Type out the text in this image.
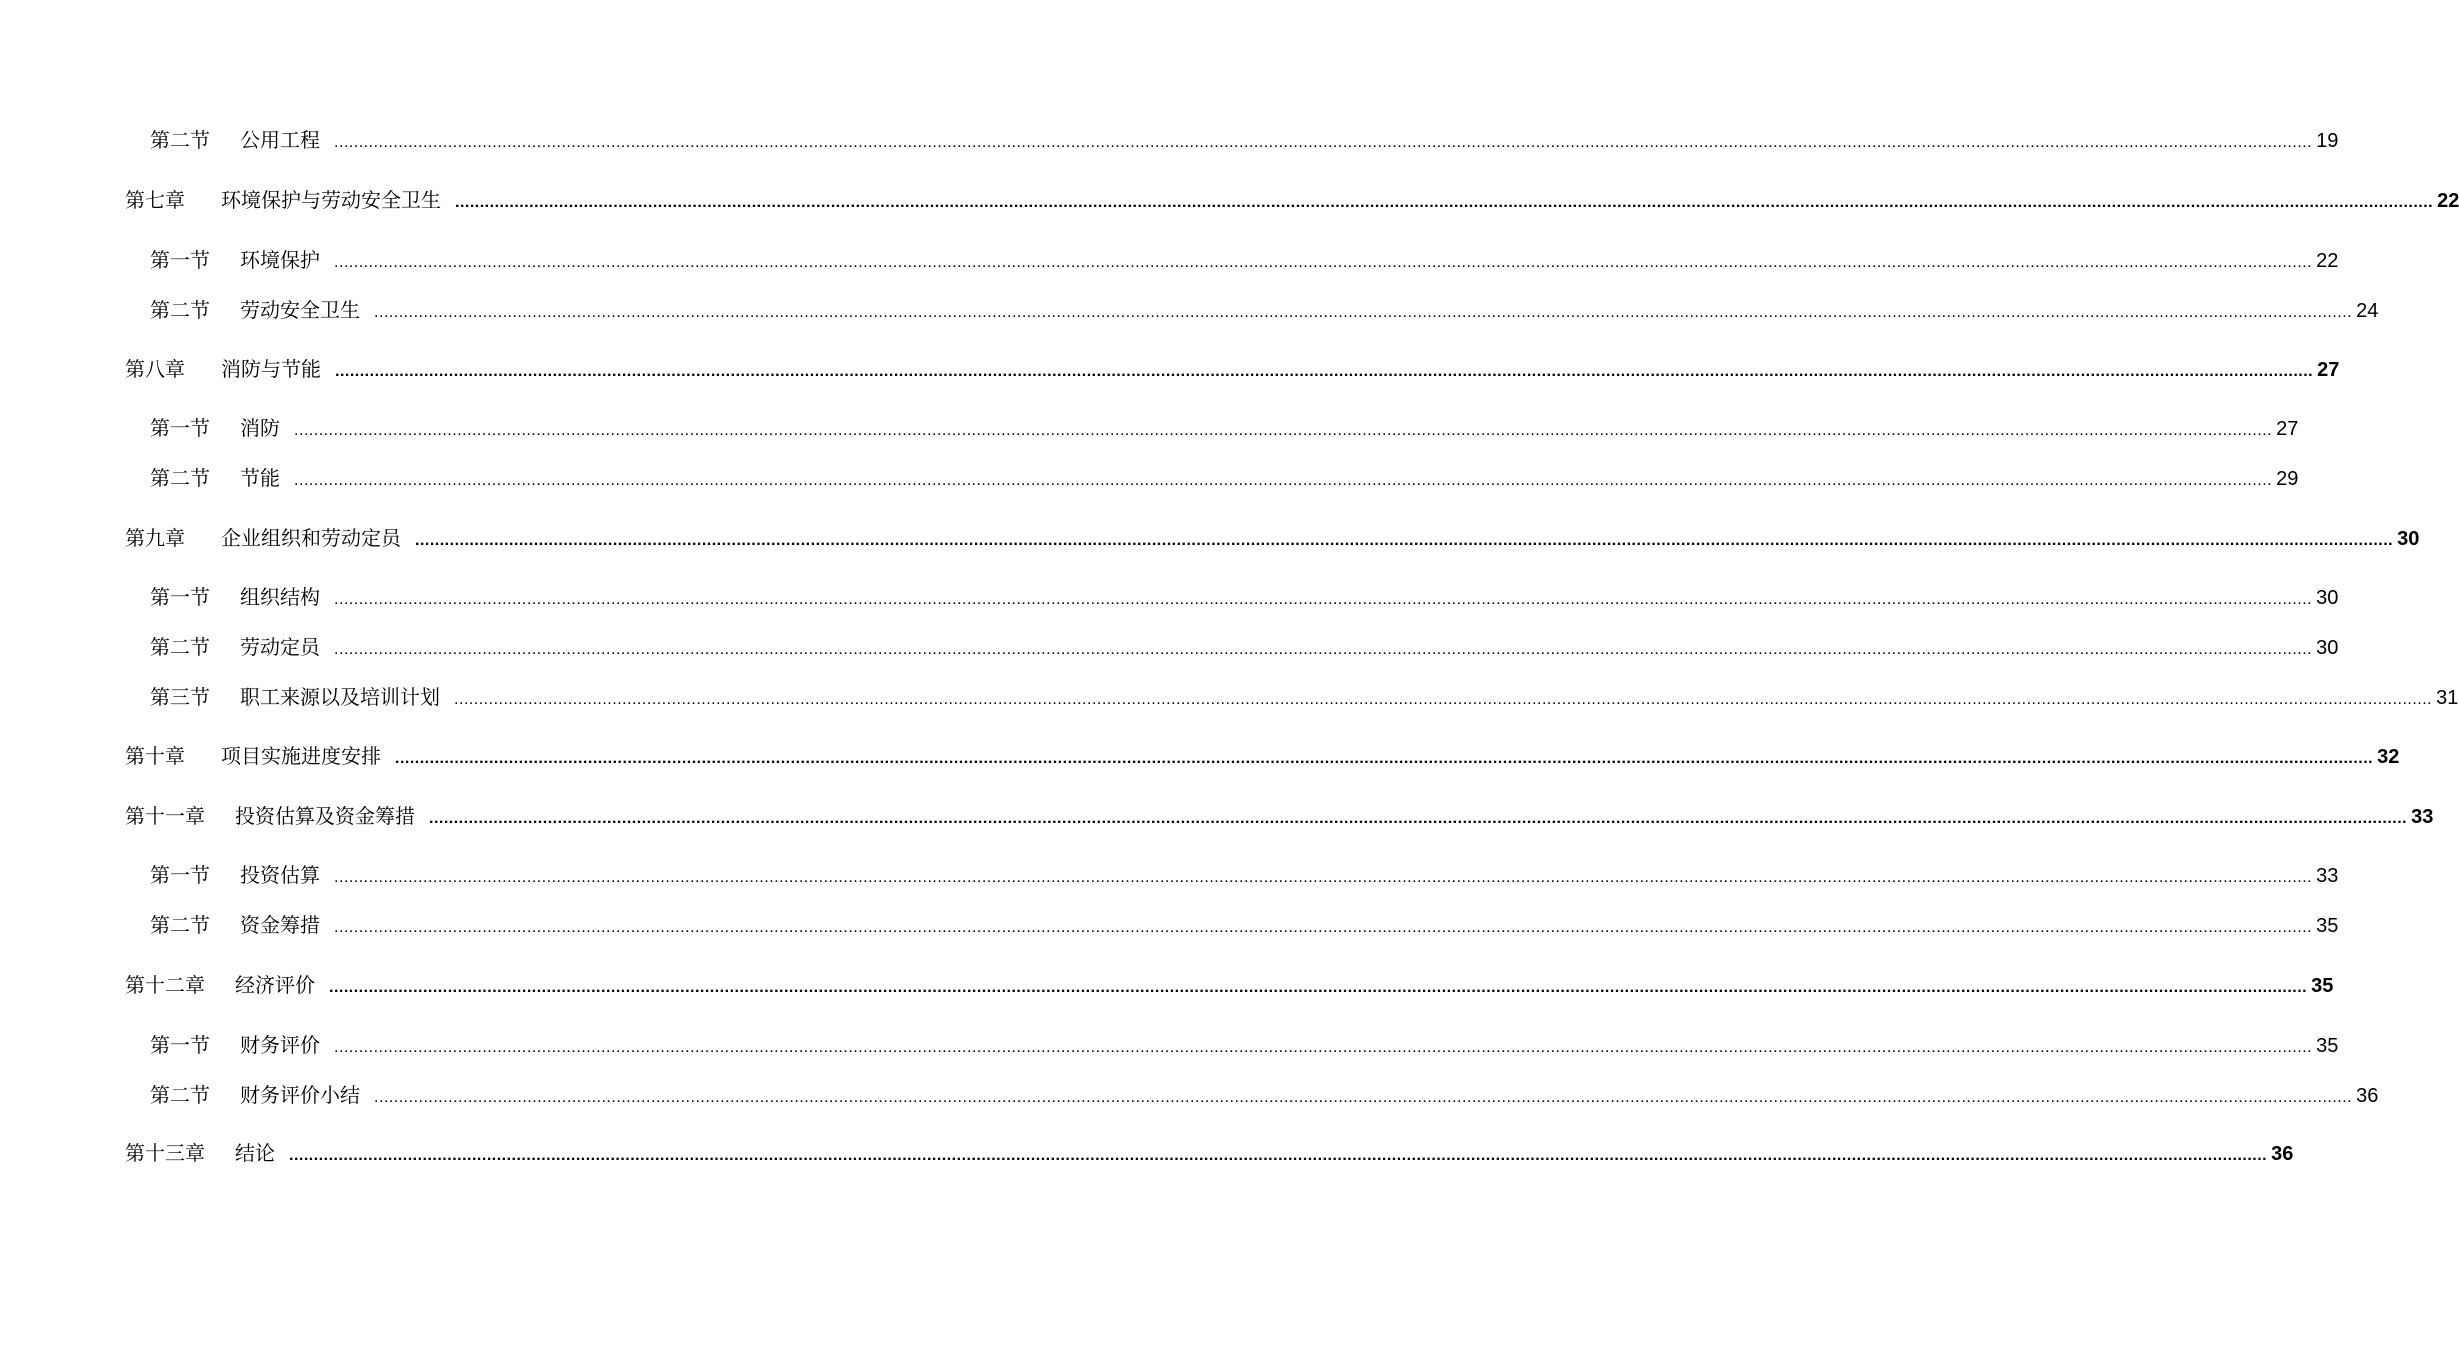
第二节 公用工程 ................................................................................................................................................................................................................................................................................................................................................................................................................ 19
第七章	环境保护与劳动安全卫生 ................................................................................................................................................................................................................................................................................................................................................................................................................ 22
第一节 环境保护 ................................................................................................................................................................................................................................................................................................................................................................................................................ 22
第二节 劳动安全卫生 ................................................................................................................................................................................................................................................................................................................................................................................................................ 24
第八章	消防与节能 ................................................................................................................................................................................................................................................................................................................................................................................................................ 27
第一节 消防 ................................................................................................................................................................................................................................................................................................................................................................................................................ 27
第二节 节能 ................................................................................................................................................................................................................................................................................................................................................................................................................ 29
第九章	企业组织和劳动定员 ................................................................................................................................................................................................................................................................................................................................................................................................................ 30
第一节 组织结构 ................................................................................................................................................................................................................................................................................................................................................................................................................ 30
第二节 劳动定员 ................................................................................................................................................................................................................................................................................................................................................................................................................ 30
第三节 职工来源以及培训计划 ................................................................................................................................................................................................................................................................................................................................................................................................................ 31
第十章	项目实施进度安排 ................................................................................................................................................................................................................................................................................................................................................................................................................ 32
第十一章 投资估算及资金筹措 ................................................................................................................................................................................................................................................................................................................................................................................................................ 33
第一节 投资估算 ................................................................................................................................................................................................................................................................................................................................................................................................................ 33
第二节 资金筹措 ................................................................................................................................................................................................................................................................................................................................................................................................................ 35
第十二章 经济评价 ................................................................................................................................................................................................................................................................................................................................................................................................................ 35
第一节 财务评价 ................................................................................................................................................................................................................................................................................................................................................................................................................ 35
第二节 财务评价小结 ................................................................................................................................................................................................................................................................................................................................................................................................................ 36
第十三章 结论 ................................................................................................................................................................................................................................................................................................................................................................................................................ 36
